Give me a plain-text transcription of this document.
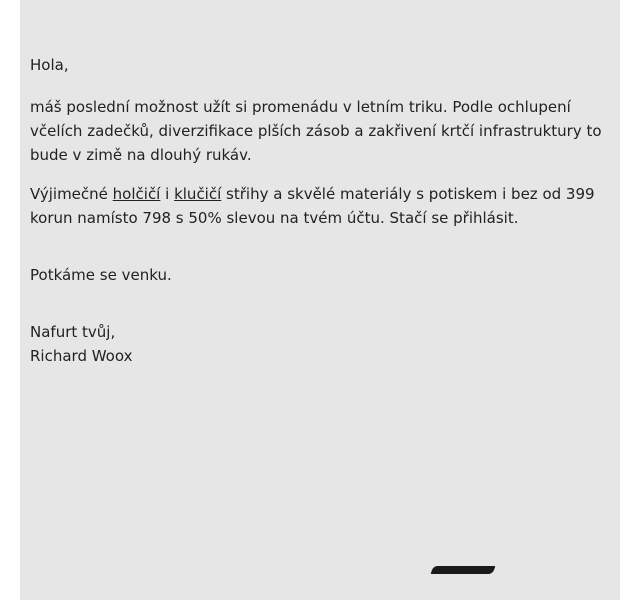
Hola,

máš poslední možnost užít si promenádu v letním triku. Podle ochlupení včelích zadečků, diverzifikace plších zásob a zakřivení krtčí infrastruktury to bude v zimě na dlouhý rukáv.

Výjimečné holčičí i klučičí střihy a skvělé materiály s potiskem i bez od 399 korun namísto 798 s 50% slevou na tvém účtu. Stačí se přihlásit.

Potkáme se venku.

Nafurt tvůj,

Richard Woox
